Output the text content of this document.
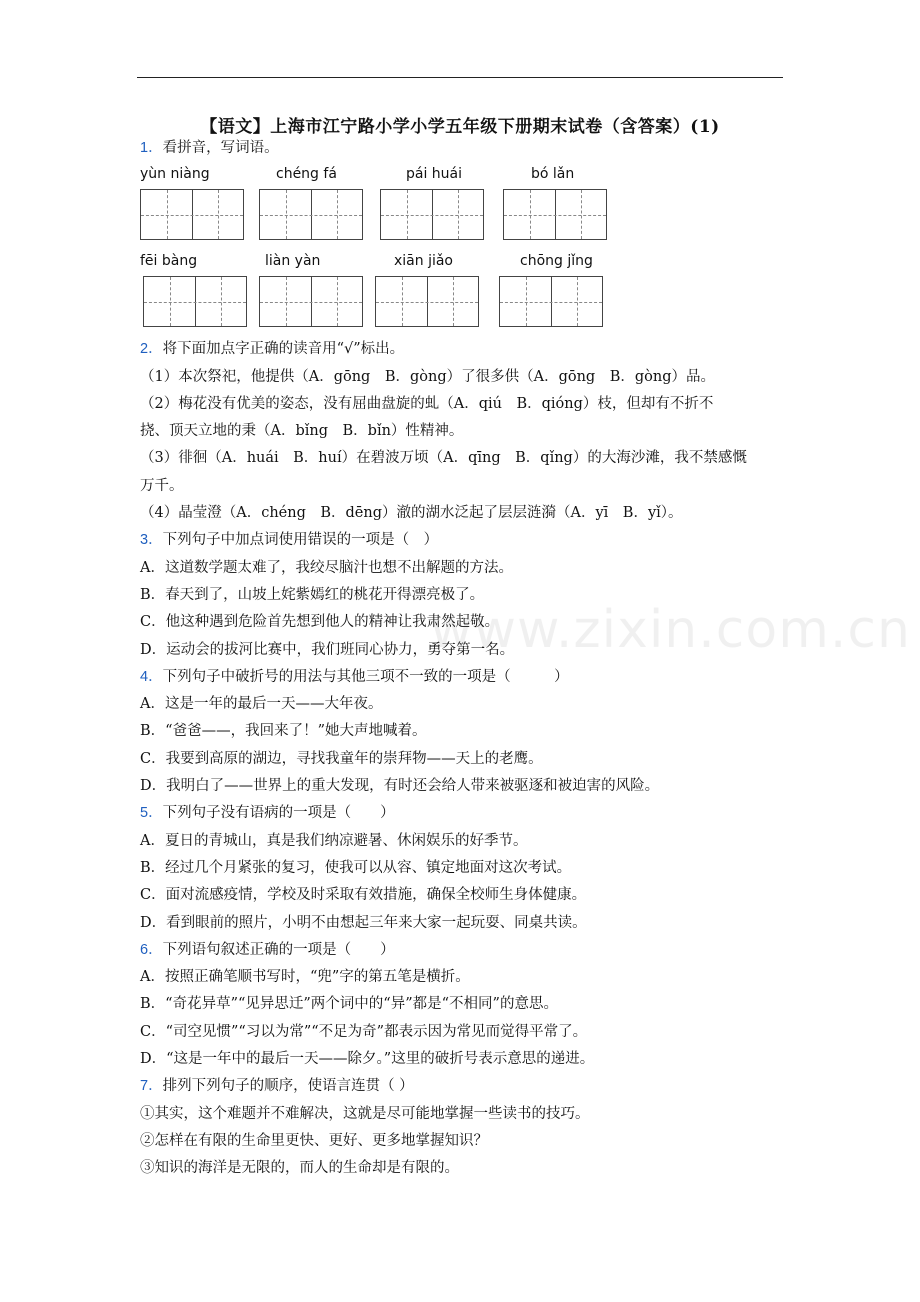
【语文】上海市江宁路小学小学五年级下册期末试卷（含答案）(1)
1．看拼音，写词语。
yùn niàng	chéng fá	pái huái	bó lǎn
fēi bàng	liàn yàn	xiān jiǎo	chōng jǐng
2．将下面加点字正确的读音用“√”标出。
（1）本次祭祀，他提供（A．gōng　B．gòng）了很多供（A．gōng　B．gòng）品。
（2）梅花没有优美的姿态，没有屈曲盘旋的虬（A．qiú　B．qióng）枝，但却有不折不
挠、顶天立地的秉（A．bǐng　B．bǐn）性精神。
（3）徘徊（A．huái　B．huí）在碧波万顷（A．qīng　B．qǐng）的大海沙滩，我不禁感慨
万千。
（4）晶莹澄（A．chéng　B．dēng）澈的湖水泛起了层层涟漪（A．yī　B．yǐ）。
3．下列句子中加点词使用错误的一项是（　）
A．这道数学题太难了，我绞尽脑汁也想不出解题的方法。
B．春天到了，山坡上姹紫嫣红的桃花开得漂亮极了。
C．他这种遇到危险首先想到他人的精神让我肃然起敬。
D．运动会的拔河比赛中，我们班同心协力，勇夺第一名。
4．下列句子中破折号的用法与其他三项不一致的一项是（　　　）
A．这是一年的最后一天——大年夜。
B．“爸爸——，我回来了！”她大声地喊着。
C．我要到高原的湖边，寻找我童年的崇拜物——天上的老鹰。
D．我明白了——世界上的重大发现，有时还会给人带来被驱逐和被迫害的风险。
5．下列句子没有语病的一项是（　　）
A．夏日的青城山，真是我们纳凉避暑、休闲娱乐的好季节。
B．经过几个月紧张的复习，使我可以从容、镇定地面对这次考试。
C．面对流感疫情，学校及时采取有效措施，确保全校师生身体健康。
D．看到眼前的照片，小明不由想起三年来大家一起玩耍、同桌共读。
6．下列语句叙述正确的一项是（　　）
A．按照正确笔顺书写时，“兜”字的第五笔是横折。
B．“奇花异草”“见异思迁”两个词中的“异”都是“不相同”的意思。
C．“司空见惯”“习以为常”“不足为奇”都表示因为常见而觉得平常了。
D．“这是一年中的最后一天——除夕。”这里的破折号表示意思的递进。
7．排列下列句子的顺序，使语言连贯（ ）
①其实，这个难题并不难解决，这就是尽可能地掌握一些读书的技巧。
②怎样在有限的生命里更快、更好、更多地掌握知识？
③知识的海洋是无限的，而人的生命却是有限的。
www.zixin.com.cn
